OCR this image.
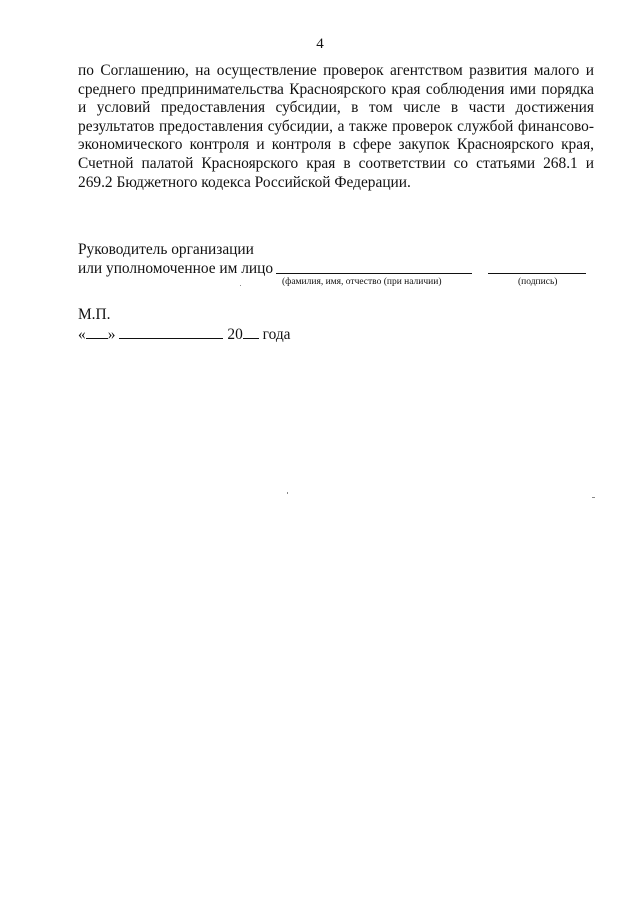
4

по Соглашению, на осуществление проверок агентством развития малого и среднего предпринимательства Красноярского края соблюдения ими порядка и условий предоставления субсидии, в том числе в части достижения результатов предоставления субсидии, а также проверок службой финансово-экономического контроля и контроля в сфере закупок Красноярского края, Счетной палатой Красноярского края в соответствии со статьями 268.1 и 269.2 Бюджетного кодекса Российской Федерации.

Руководитель организации
или уполномоченное им лицо
(фамилия, имя, отчество (при наличии)	(подпись)
М.П.
« »	20 года
